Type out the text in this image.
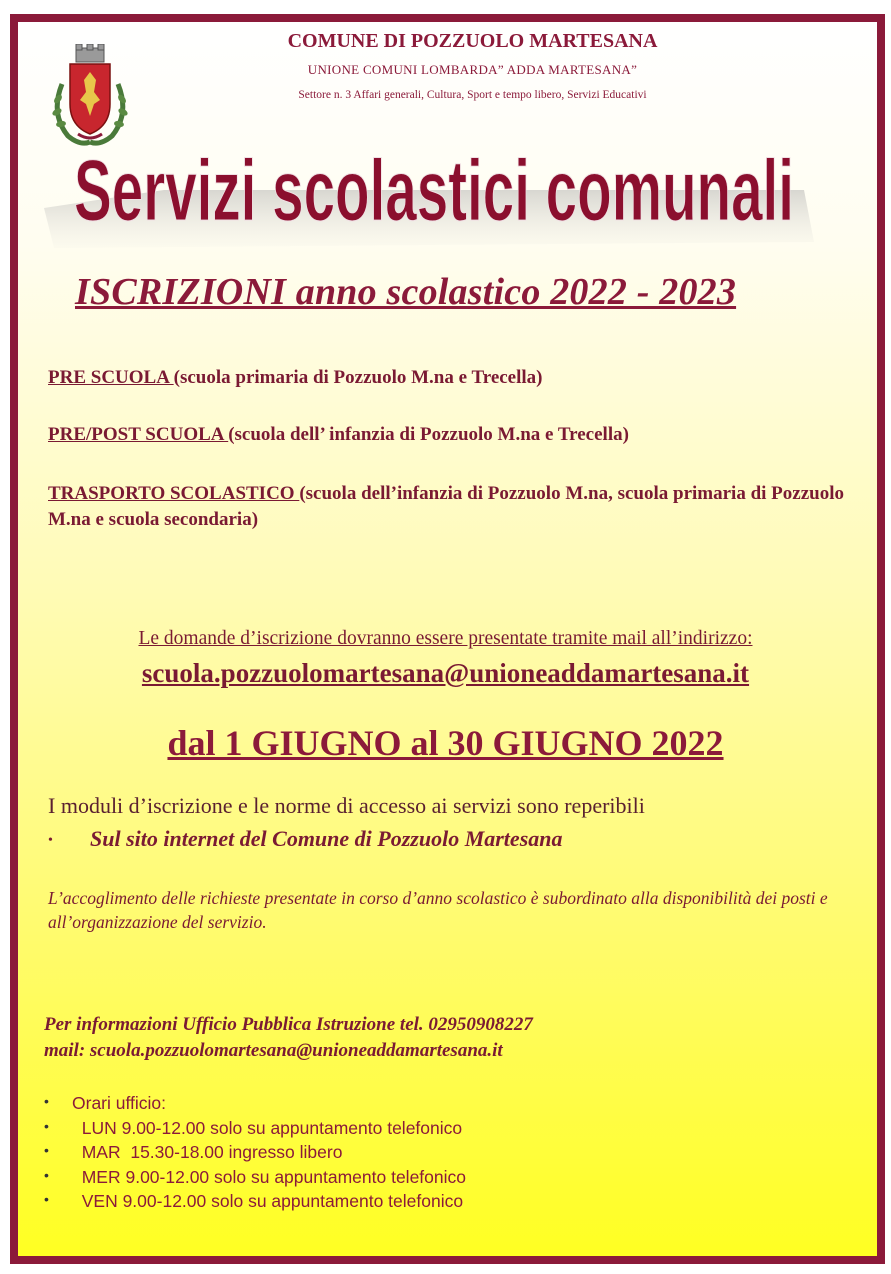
COMUNE DI POZZUOLO MARTESANA
UNIONE COMUNI LOMBARDA” ADDA MARTESANA”
Settore n. 3 Affari generali, Cultura, Sport e tempo libero, Servizi Educativi
Servizi scolastici comunali
ISCRIZIONI anno scolastico 2022 - 2023
PRE SCUOLA (scuola primaria di Pozzuolo M.na e Trecella)
PRE/POST SCUOLA (scuola dell’ infanzia di Pozzuolo M.na e Trecella)
TRASPORTO SCOLASTICO (scuola dell’infanzia di Pozzuolo M.na, scuola primaria di Pozzuolo M.na e scuola secondaria)
Le domande d’iscrizione dovranno essere presentate tramite mail all’indirizzo:
scuola.pozzuolomartesana@unioneaddamartesana.it
dal 1 GIUGNO al 30 GIUGNO 2022
I moduli d’iscrizione e le norme di accesso ai servizi sono reperibili
• Sul sito internet del Comune di Pozzuolo Martesana
L’accoglimento delle richieste presentate in corso d’anno scolastico è subordinato alla disponibilità dei posti e all’organizzazione del servizio.
Per informazioni Ufficio Pubblica Istruzione tel. 02950908227
mail: scuola.pozzuolomartesana@unioneaddamartesana.it
• Orari ufficio:
•   LUN 9.00-12.00 solo su appuntamento telefonico
•   MAR  15.30-18.00 ingresso libero
•   MER 9.00-12.00 solo su appuntamento telefonico
•   VEN 9.00-12.00 solo su appuntamento telefonico
